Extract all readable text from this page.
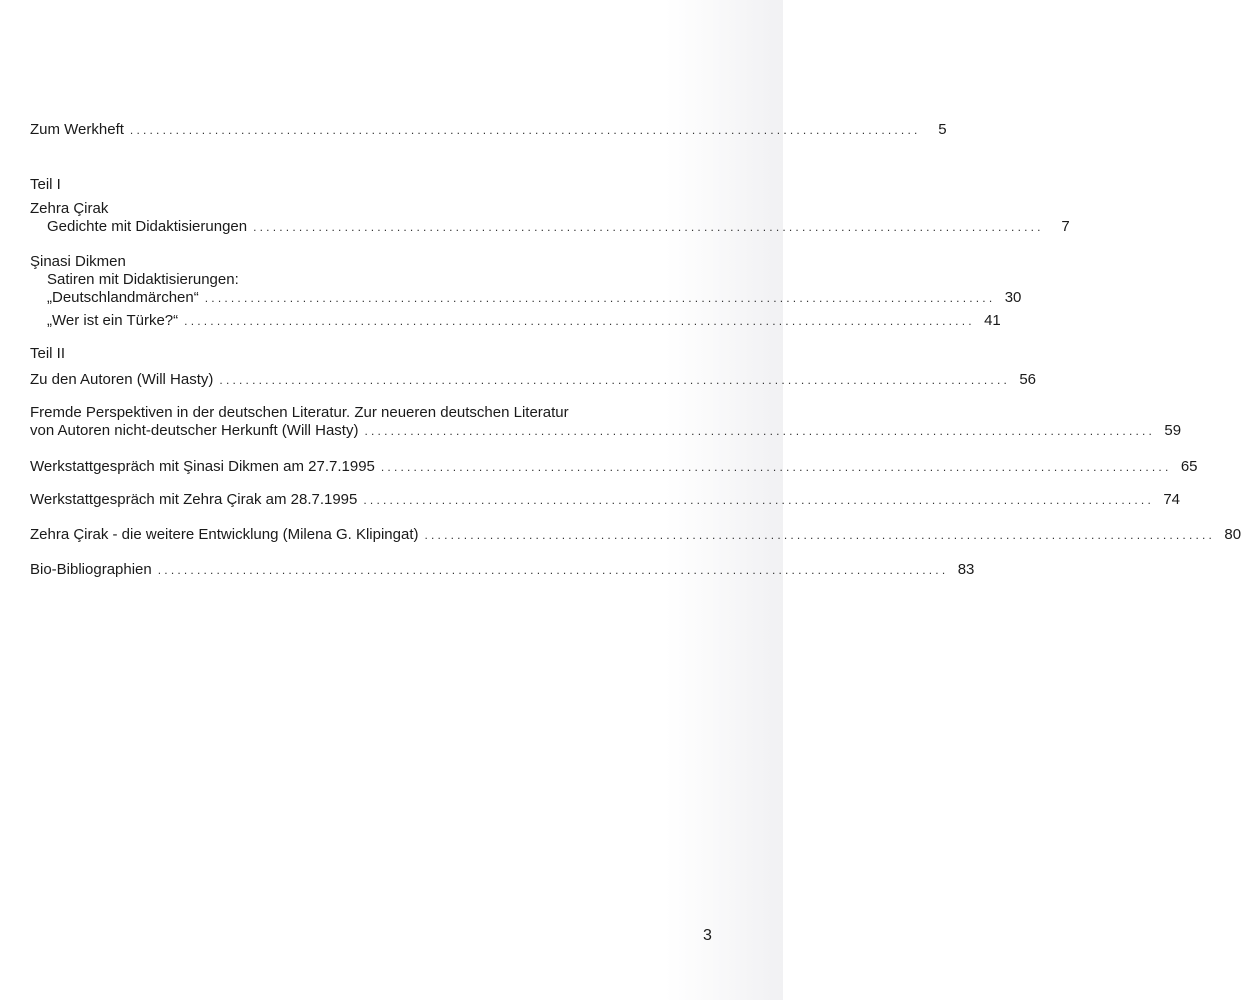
Zum Werkheft .........................................................................................................................	5
Teil I
Zehra Çirak
Gedichte mit Didaktisierungen .........................................................................................................................	7
Şinasi Dikmen
Satiren mit Didaktisierungen:
„Deutschlandmärchen“ ......................................................................................................................... 30
„Wer ist ein Türke?“ ......................................................................................................................... 41
Teil II
Zu den Autoren (Will Hasty) ......................................................................................................................... 56
Fremde Perspektiven in der deutschen Literatur. Zur neueren deutschen Literatur
von Autoren nicht-deutscher Herkunft (Will Hasty) ......................................................................................................................... 59
Werkstattgespräch mit Şinasi Dikmen am 27.7.1995 ......................................................................................................................... 65
Werkstattgespräch mit Zehra Çirak am 28.7.1995 ......................................................................................................................... 74
Zehra Çirak - die weitere Entwicklung (Milena G. Klipingat) ......................................................................................................................... 80
Bio-Bibliographien ......................................................................................................................... 83
3
